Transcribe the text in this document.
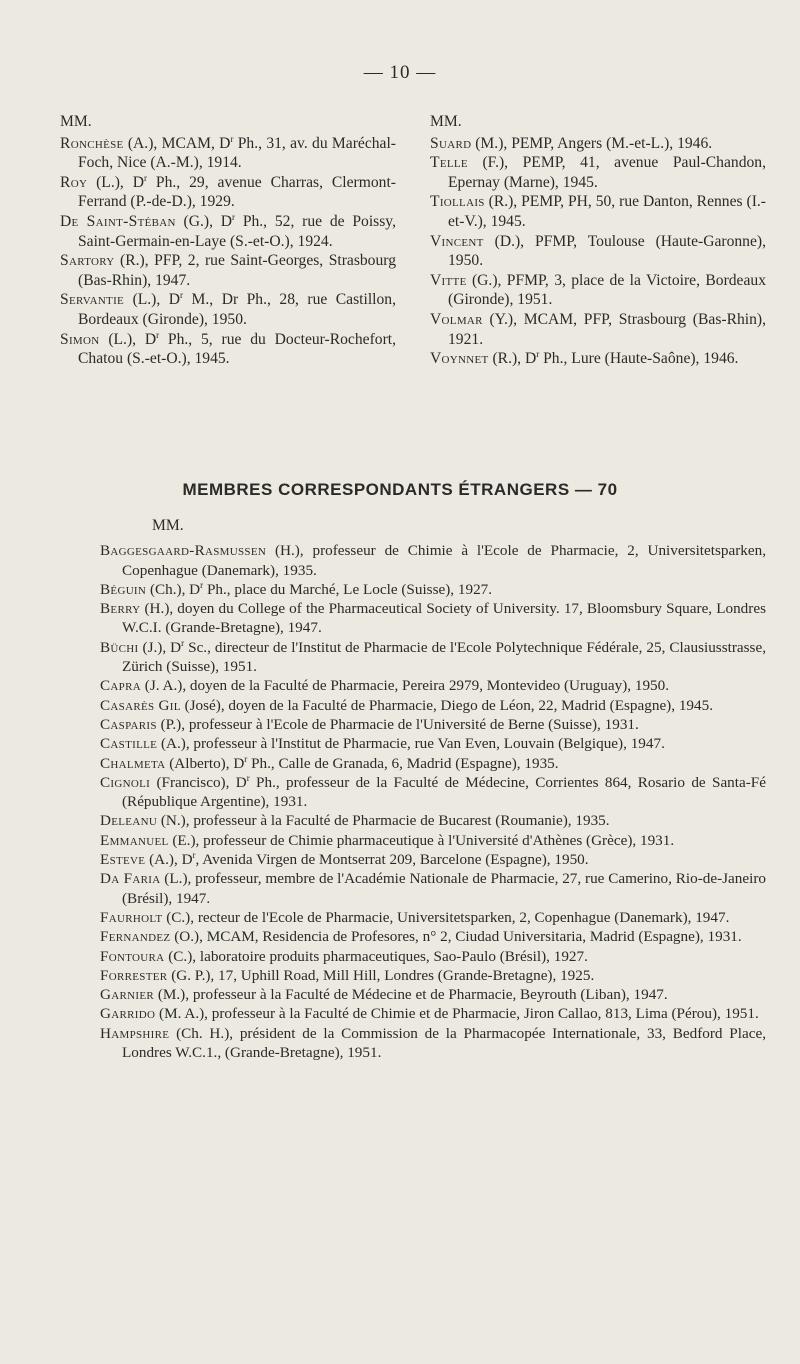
— 10 —
MM.

Ronchèse (A.), MCAM, $D^r$ Ph., 31, av. du Maréchal-Foch, Nice (A.-M.), 1914.

Roy (L.), $D^r$ Ph., 29, avenue Charras, Clermont-Ferrand (P.-de-D.), 1929.

De Saint-Stéban (G.), $D^r$ Ph., 52, rue de Poissy, Saint-Germain-en-Laye (S.-et-O.), 1924.

Sartory (R.), PFP, 2, rue Saint-Georges, Strasbourg (Bas-Rhin), 1947.

Servantie (L.), $D^r$ M., Dr Ph., 28, rue Castillon, Bordeaux (Gironde), 1950.

Simon (L.), $D^r$ Ph., 5, rue du Docteur-Rochefort, Chatou (S.-et-O.), 1945.

MM.

Suard (M.), PEMP, Angers (M.-et-L.), 1946.

Telle (F.), PEMP, 41, avenue Paul-Chandon, Epernay (Marne), 1945.

Tiollais (R.), PEMP, PH, 50, rue Danton, Rennes (I.-et-V.), 1945.

Vincent (D.), PFMP, Toulouse (Haute-Garonne), 1950.

Vitte (G.), PFMP, 3, place de la Victoire, Bordeaux (Gironde), 1951.

Volmar (Y.), MCAM, PFP, Strasbourg (Bas-Rhin), 1921.

Voynnet (R.), $D^r$ Ph., Lure (Haute-Saône), 1946.

MEMBRES CORRESPONDANTS ÉTRANGERS — 70
MM.

Baggesgaard-Rasmussen (H.), professeur de Chimie à l'Ecole de Pharmacie, 2, Universitetsparken, Copenhague (Danemark), 1935.

Béguin (Ch.), $D^r$ Ph., place du Marché, Le Locle (Suisse), 1927.

Berry (H.), doyen du College of the Pharmaceutical Society of University. 17, Bloomsbury Square, Londres W.C.I. (Grande-Bretagne), 1947.

Büchi (J.), $D^r$ Sc., directeur de l'Institut de Pharmacie de l'Ecole Polytechnique Fédérale, 25, Clausiusstrasse, Zürich (Suisse), 1951.

Capra (J. A.), doyen de la Faculté de Pharmacie, Pereira 2979, Montevideo (Uruguay), 1950.

Casarès Gil (José), doyen de la Faculté de Pharmacie, Diego de Léon, 22, Madrid (Espagne), 1945.

Casparis (P.), professeur à l'Ecole de Pharmacie de l'Université de Berne (Suisse), 1931.

Castille (A.), professeur à l'Institut de Pharmacie, rue Van Even, Louvain (Belgique), 1947.

Chalmeta (Alberto), $D^r$ Ph., Calle de Granada, 6, Madrid (Espagne), 1935.

Cignoli (Francisco), $D^r$ Ph., professeur de la Faculté de Médecine, Corrientes 864, Rosario de Santa-Fé (République Argentine), 1931.

Deleanu (N.), professeur à la Faculté de Pharmacie de Bucarest (Roumanie), 1935.

Emmanuel (E.), professeur de Chimie pharmaceutique à l'Université d'Athènes (Grèce), 1931.

Esteve (A.), $D^r$, Avenida Virgen de Montserrat 209, Barcelone (Espagne), 1950.

Da Faria (L.), professeur, membre de l'Académie Nationale de Pharmacie, 27, rue Camerino, Rio-de-Janeiro (Brésil), 1947.

Faurholt (C.), recteur de l'Ecole de Pharmacie, Universitetsparken, 2, Copenhague (Danemark), 1947.

Fernandez (O.), MCAM, Residencia de Profesores, n° 2, Ciudad Universitaria, Madrid (Espagne), 1931.

Fontoura (C.), laboratoire produits pharmaceutiques, Sao-Paulo (Brésil), 1927.

Forrester (G. P.), 17, Uphill Road, Mill Hill, Londres (Grande-Bretagne), 1925.

Garnier (M.), professeur à la Faculté de Médecine et de Pharmacie, Beyrouth (Liban), 1947.

Garrido (M. A.), professeur à la Faculté de Chimie et de Pharmacie, Jiron Callao, 813, Lima (Pérou), 1951.

Hampshire (Ch. H.), président de la Commission de la Pharmacopée Internationale, 33, Bedford Place, Londres W.C.1., (Grande-Bretagne), 1951.
